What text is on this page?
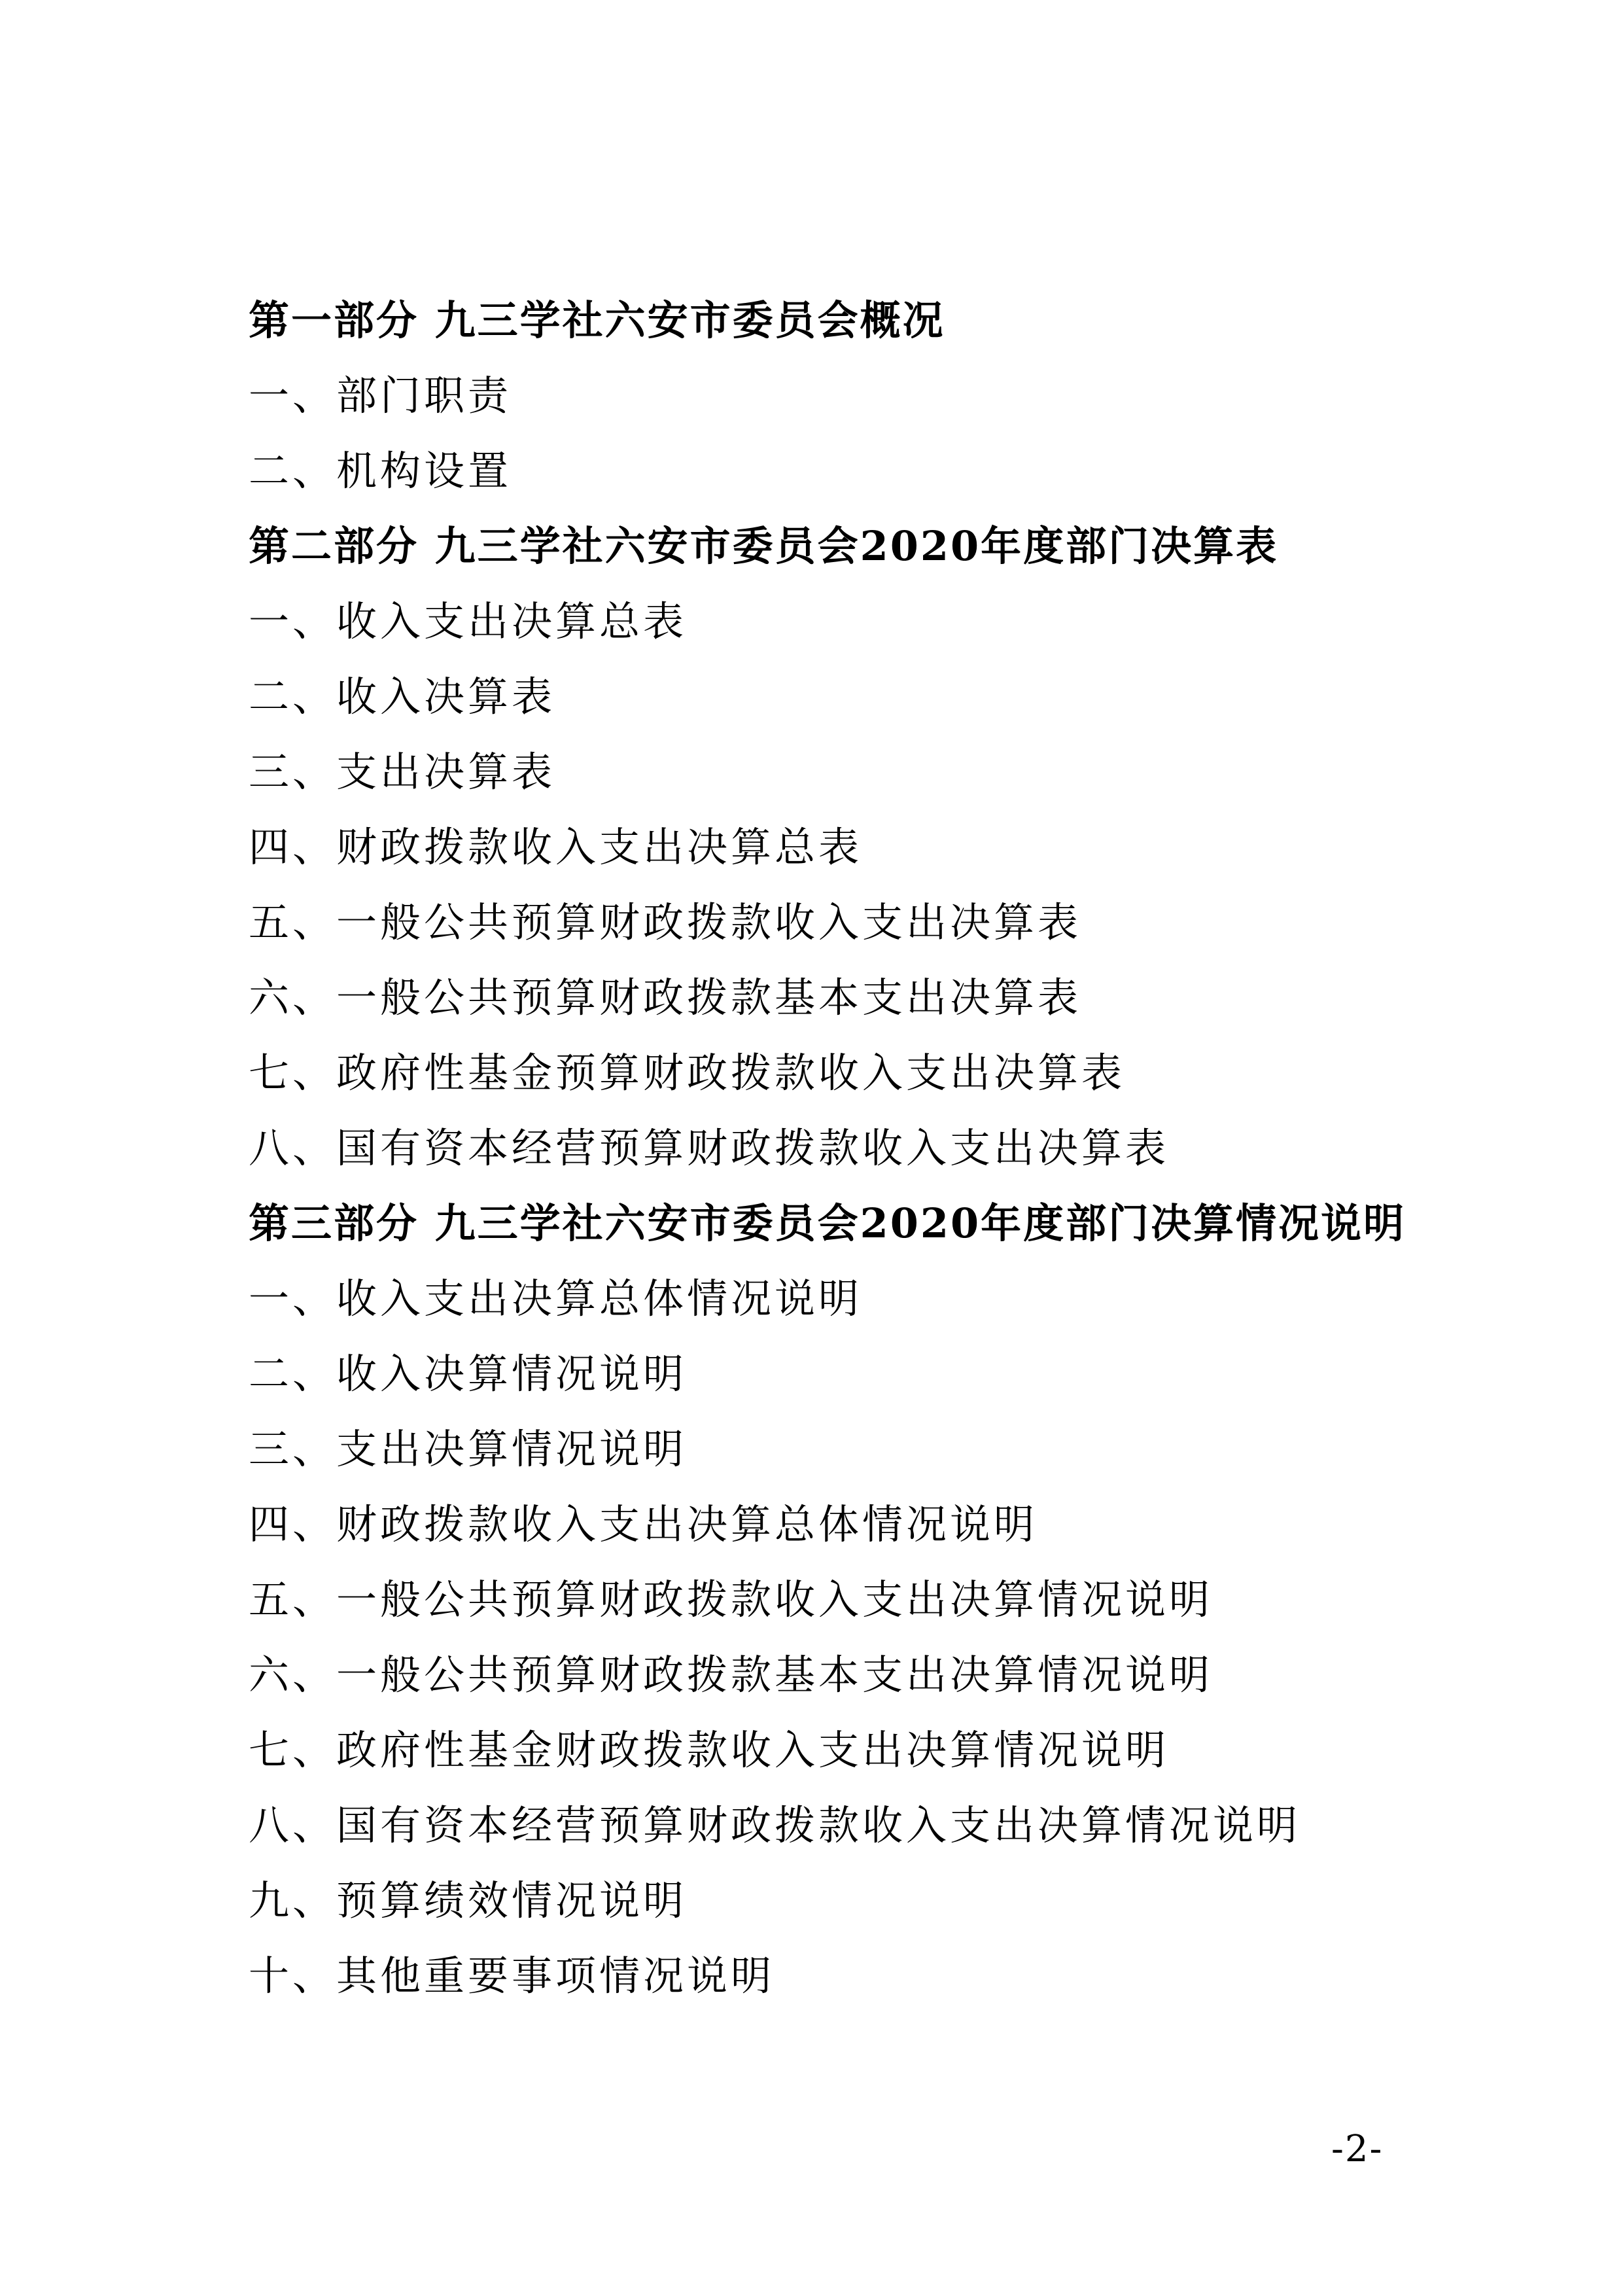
第一部分 九三学社六安市委员会概况
一、部门职责
二、机构设置
第二部分 九三学社六安市委员会2020年度部门决算表
一、收入支出决算总表
二、收入决算表
三、支出决算表
四、财政拨款收入支出决算总表
五、一般公共预算财政拨款收入支出决算表
六、一般公共预算财政拨款基本支出决算表
七、政府性基金预算财政拨款收入支出决算表
八、国有资本经营预算财政拨款收入支出决算表
第三部分 九三学社六安市委员会2020年度部门决算情况说明
一、收入支出决算总体情况说明
二、收入决算情况说明
三、支出决算情况说明
四、财政拨款收入支出决算总体情况说明
五、一般公共预算财政拨款收入支出决算情况说明
六、一般公共预算财政拨款基本支出决算情况说明
七、政府性基金财政拨款收入支出决算情况说明
八、国有资本经营预算财政拨款收入支出决算情况说明
九、预算绩效情况说明
十、其他重要事项情况说明
-2-
